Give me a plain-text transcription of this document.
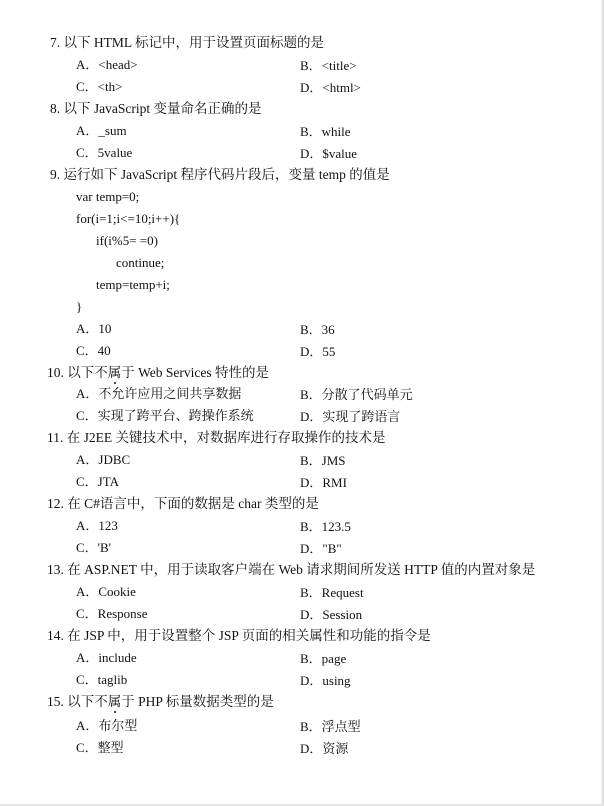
7. 以下 HTML 标记中，用于设置页面标题的是
A．<head>	B．<title>
C．<th>	D．<html>
8. 以下 JavaScript 变量命名正确的是
A．_sum	B．while
C．5value	D．$value
9. 运行如下 JavaScript 程序代码片段后，变量 temp 的值是
var temp=0;
for(i=1;i<=10;i++){
if(i%5= =0)
continue;
temp=temp+i;
}
A．10	B．36
C．40	D．55
10. 以下不属于 Web Services 特性的是
A．不允许应用之间共享数据	B．分散了代码单元
C．实现了跨平台、跨操作系统	D．实现了跨语言
11. 在 J2EE 关键技术中，对数据库进行存取操作的技术是
A．JDBC	B．JMS
C．JTA	D．RMI
12. 在 C#语言中，下面的数据是 char 类型的是
A．123	B．123.5
C．'B'	D．"B"
13. 在 ASP.NET 中，用于读取客户端在 Web 请求期间所发送 HTTP 值的内置对象是
A．Cookie	B．Request
C．Response	D．Session
14. 在 JSP 中，用于设置整个 JSP 页面的相关属性和功能的指令是
A．include	B．page
C．taglib	D．using
15. 以下不属于 PHP 标量数据类型的是
A．布尔型	B．浮点型
C．整型	D．资源
